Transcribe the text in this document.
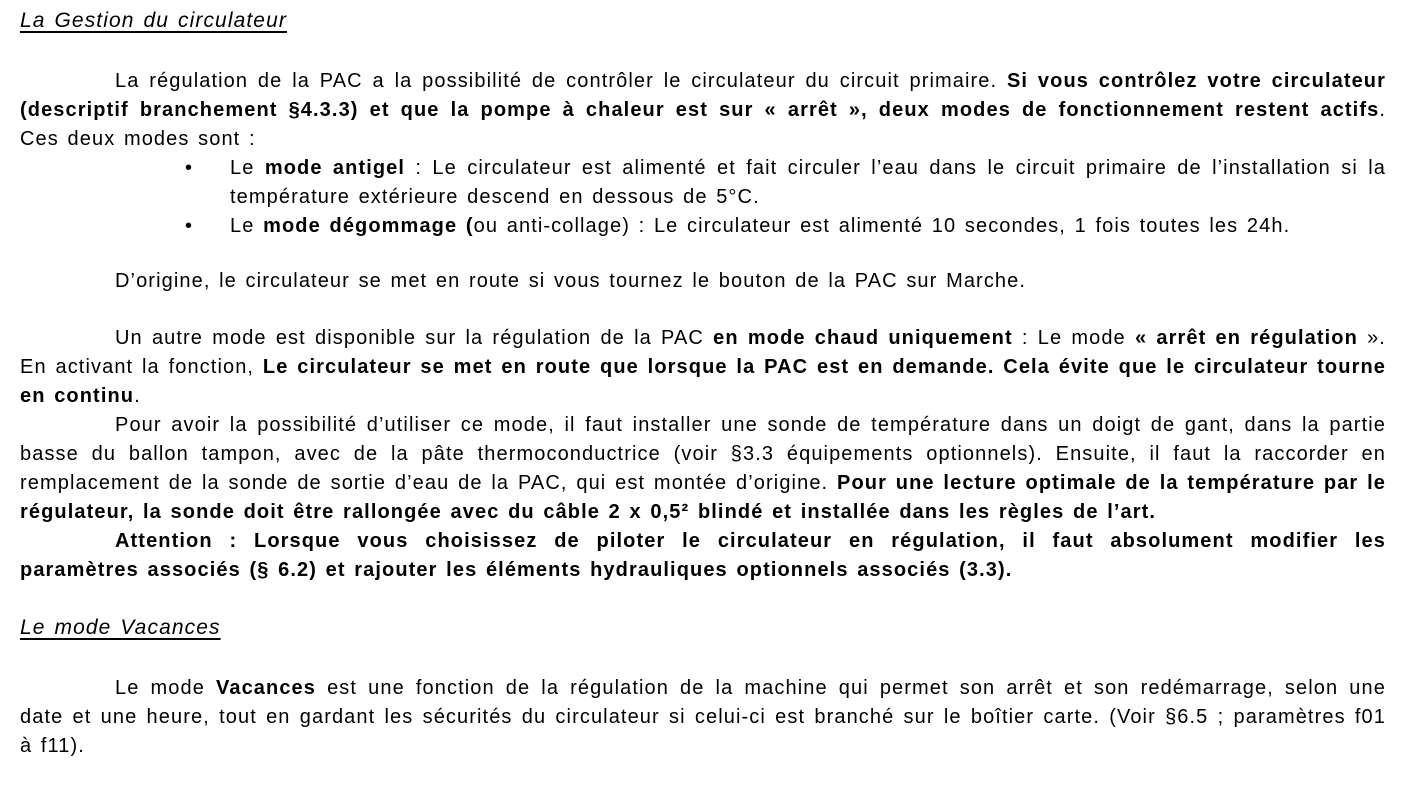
La Gestion du circulateur

La régulation de la PAC a la possibilité de contrôler le circulateur du circuit primaire. Si vous contrôlez votre circulateur (descriptif branchement §4.3.3) et que la pompe à chaleur est sur « arrêt », deux modes de fonctionnement restent actifs. Ces deux modes sont :

• Le mode antigel : Le circulateur est alimenté et fait circuler l’eau dans le circuit primaire de l’installation si la température extérieure descend en dessous de 5°C.
• Le mode dégommage (ou anti-collage) : Le circulateur est alimenté 10 secondes, 1 fois toutes les 24h.

D’origine, le circulateur se met en route si vous tournez le bouton de la PAC sur Marche.

Un autre mode est disponible sur la régulation de la PAC en mode chaud uniquement : Le mode « arrêt en régulation ». En activant la fonction, Le circulateur se met en route que lorsque la PAC est en demande. Cela évite que le circulateur tourne en continu.

Pour avoir la possibilité d’utiliser ce mode, il faut installer une sonde de température dans un doigt de gant, dans la partie basse du ballon tampon, avec de la pâte thermoconductrice (voir §3.3 équipements optionnels). Ensuite, il faut la raccorder en remplacement de la sonde de sortie d’eau de la PAC, qui est montée d’origine. Pour une lecture optimale de la température par le régulateur, la sonde doit être rallongée avec du câble 2 x 0,5² blindé et installée dans les règles de l’art.

Attention : Lorsque vous choisissez de piloter le circulateur en régulation, il faut absolument modifier les paramètres associés (§ 6.2) et rajouter les éléments hydrauliques optionnels associés (3.3).

Le mode Vacances

Le mode Vacances est une fonction de la régulation de la machine qui permet son arrêt et son redémarrage, selon une date et une heure, tout en gardant les sécurités du circulateur si celui-ci est branché sur le boîtier carte. (Voir §6.5 ; paramètres f01 à f11).
